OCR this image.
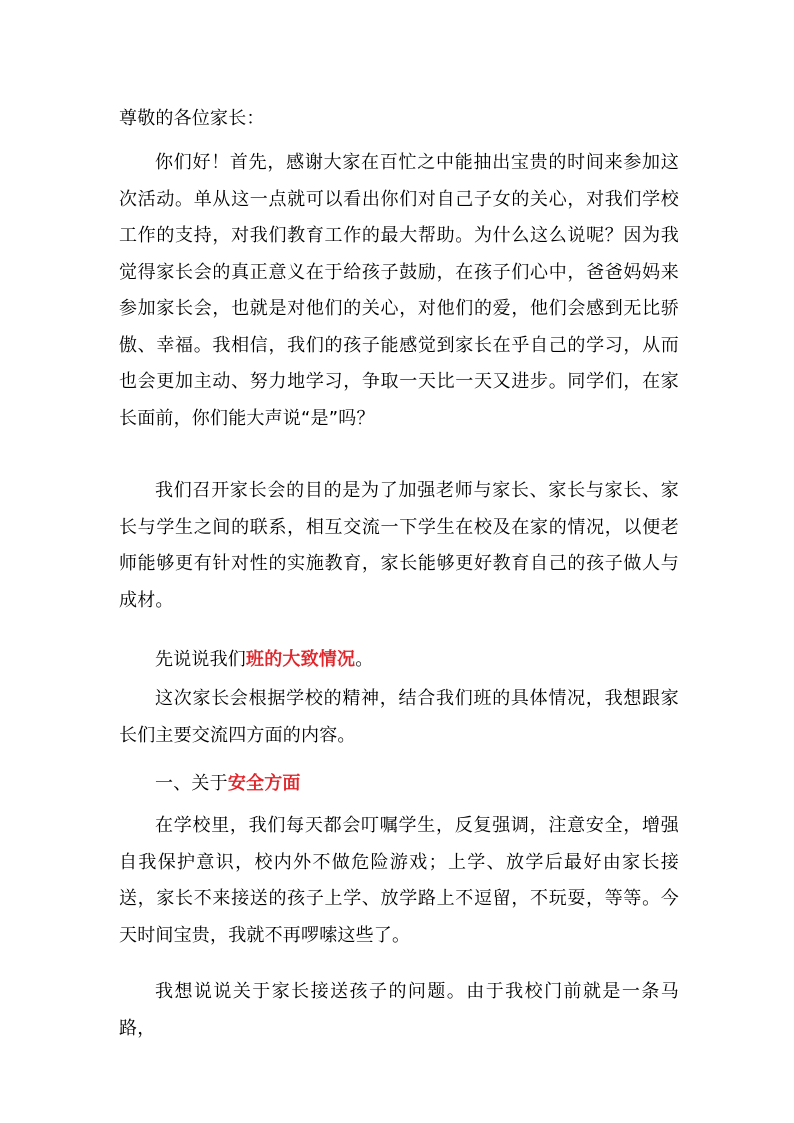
尊敬的各位家长：

你们好！首先，感谢大家在百忙之中能抽出宝贵的时间来参加这次活动。单从这一点就可以看出你们对自己子女的关心，对我们学校工作的支持，对我们教育工作的最大帮助。为什么这么说呢？因为我觉得家长会的真正意义在于给孩子鼓励，在孩子们心中，爸爸妈妈来参加家长会，也就是对他们的关心，对他们的爱，他们会感到无比骄傲、幸福。我相信，我们的孩子能感觉到家长在乎自己的学习，从而也会更加主动、努力地学习，争取一天比一天又进步。同学们，在家长面前，你们能大声说“是”吗？

我们召开家长会的目的是为了加强老师与家长、家长与家长、家长与学生之间的联系，相互交流一下学生在校及在家的情况，以便老师能够更有针对性的实施教育，家长能够更好教育自己的孩子做人与成材。

先说说我们班的大致情况。

这次家长会根据学校的精神，结合我们班的具体情况，我想跟家长们主要交流四方面的内容。

一、关于安全方面

在学校里，我们每天都会叮嘱学生，反复强调，注意安全，增强自我保护意识，校内外不做危险游戏；上学、放学后最好由家长接送，家长不来接送的孩子上学、放学路上不逗留，不玩耍，等等。今天时间宝贵，我就不再啰嗦这些了。

我想说说关于家长接送孩子的问题。由于我校门前就是一条马路，
